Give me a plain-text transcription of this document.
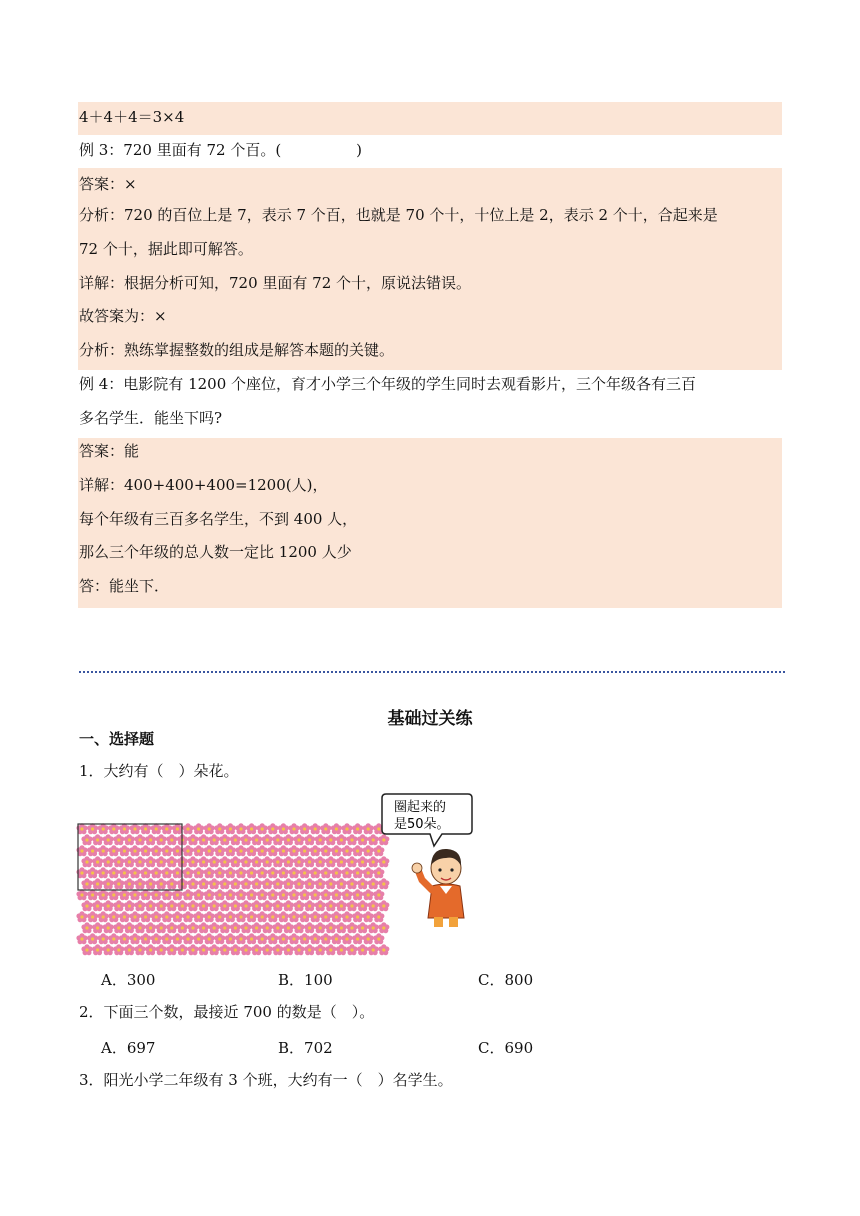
4＋4＋4＝3×4
例 3：720 里面有 72 个百。(　　　　　)
答案：×
分析：720 的百位上是 7，表示 7 个百，也就是 70 个十，十位上是 2，表示 2 个十，合起来是
72 个十，据此即可解答。
详解：根据分析可知，720 里面有 72 个十，原说法错误。
故答案为：×
分析：熟练掌握整数的组成是解答本题的关键。
例 4：电影院有 1200 个座位，育才小学三个年级的学生同时去观看影片，三个年级各有三百
多名学生．能坐下吗?
答案：能
详解：400+400+400=1200(人)，
每个年级有三百多名学生，不到 400 人，
那么三个年级的总人数一定比 1200 人少
答：能坐下．
基础过关练
一、选择题
1．大约有（　）朵花。
圈起来的
是50朵。
A．300	B．100	C．800
2．下面三个数，最接近 700 的数是（　）。
A．697	B．702	C．690
3．阳光小学二年级有 3 个班，大约有一（　）名学生。
